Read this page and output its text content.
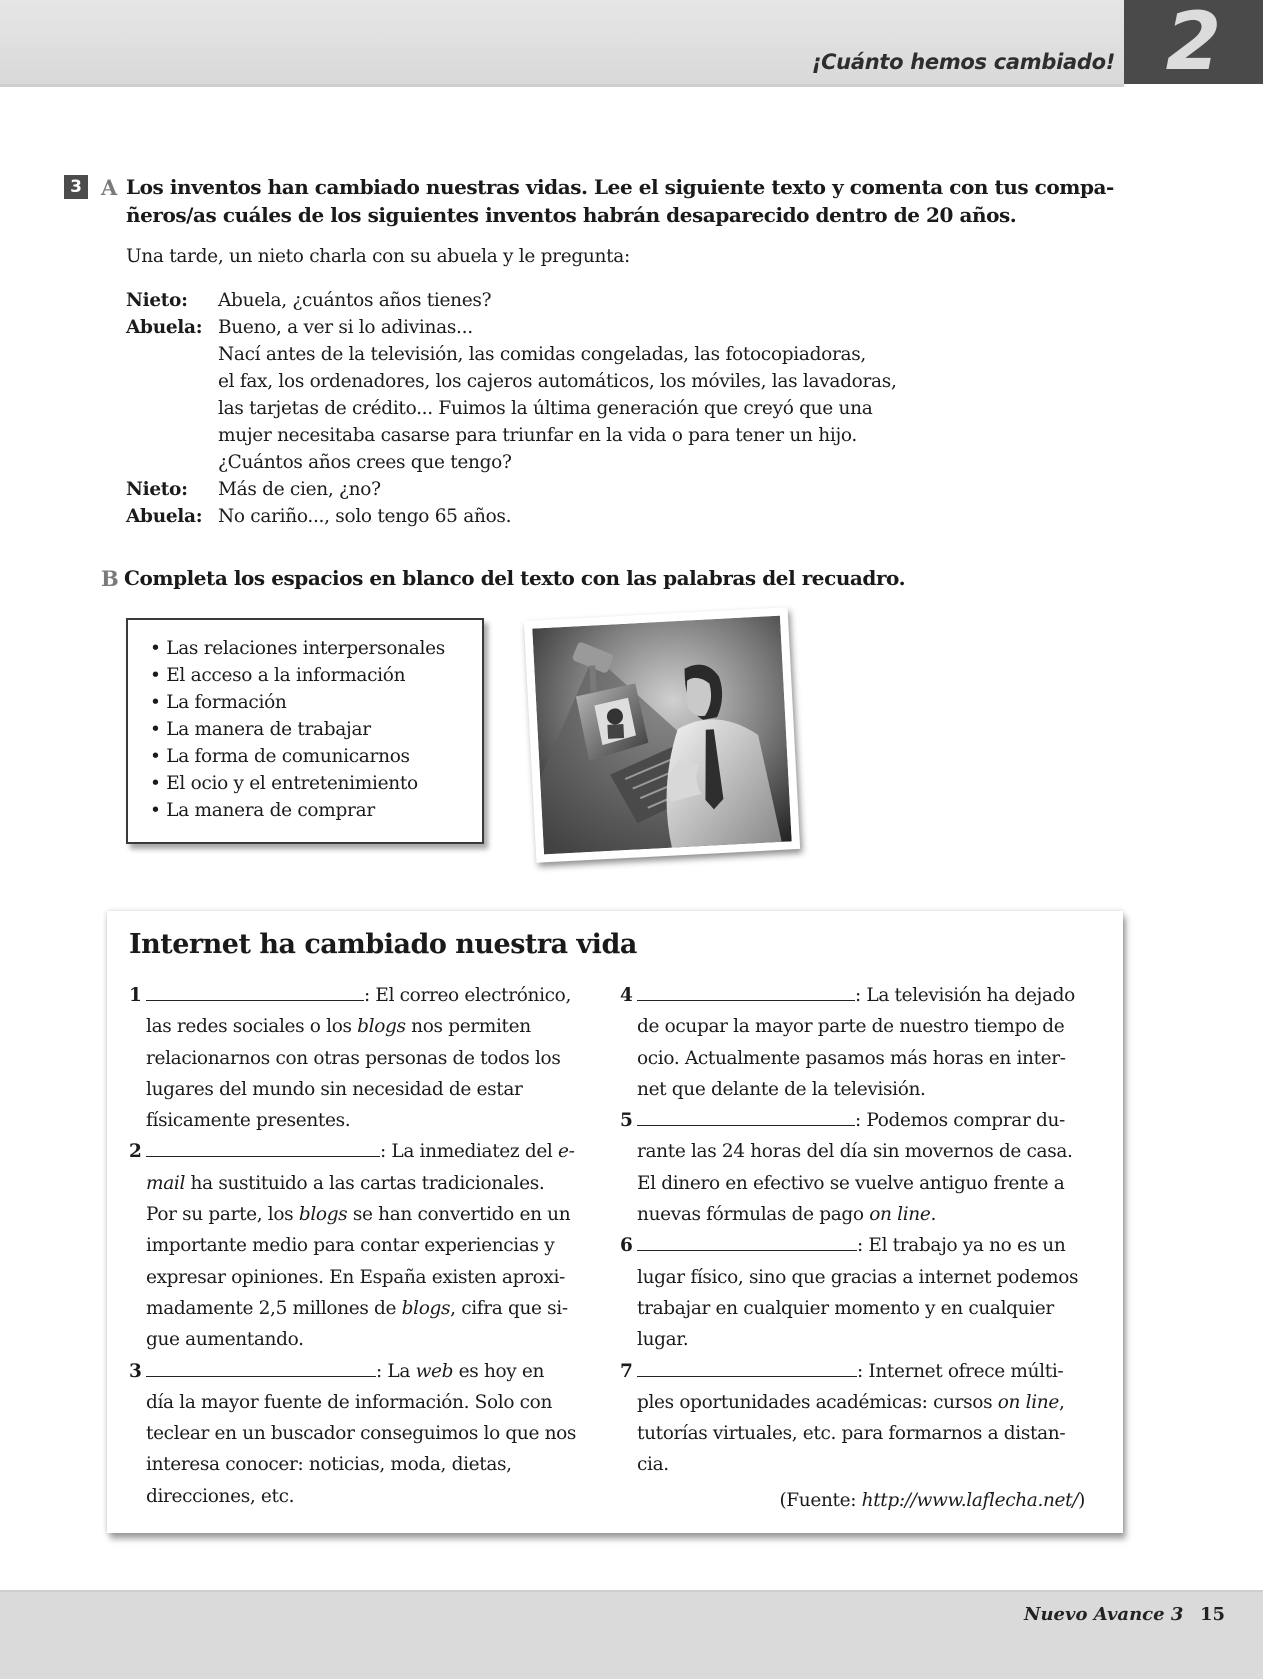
¡Cuánto hemos cambiado! 2
3 A Los inventos han cambiado nuestras vidas. Lee el siguiente texto y comenta con tus compa-
ñeros/as cuáles de los siguientes inventos habrán desaparecido dentro de 20 años.
Una tarde, un nieto charla con su abuela y le pregunta:
Nieto:	Abuela, ¿cuántos años tienes?
Abuela: Bueno, a ver si lo adivinas...
Nací antes de la televisión, las comidas congeladas, las fotocopiadoras,
el fax, los ordenadores, los cajeros automáticos, los móviles, las lavadoras,
las tarjetas de crédito... Fuimos la última generación que creyó que una
mujer necesitaba casarse para triunfar en la vida o para tener un hijo.
¿Cuántos años crees que tengo?
Nieto:	Más de cien, ¿no?
Abuela: No cariño..., solo tengo 65 años.
B Completa los espacios en blanco del texto con las palabras del recuadro.
• Las relaciones interpersonales
• El acceso a la información
• La formación
• La manera de trabajar
• La forma de comunicarnos
• El ocio y el entretenimiento
• La manera de comprar
Internet ha cambiado nuestra vida
1	: El correo electrónico, las redes sociales o los blogs nos permiten relacionarnos con otras personas de todos los lugares del mundo sin necesidad de estar físicamente presentes.
2	: La inmediatez del e-mail ha sustituido a las cartas tradicionales. Por su parte, los blogs se han convertido en un importante medio para contar experiencias y expresar opiniones. En España existen aproxi-madamente 2,5 millones de blogs, cifra que si-gue aumentando.
3	: La web es hoy en día la mayor fuente de información. Solo con teclear en un buscador conseguimos lo que nos interesa conocer: noticias, moda, dietas, direcciones, etc.
4	: La televisión ha dejado de ocupar la mayor parte de nuestro tiempo de ocio. Actualmente pasamos más horas en inter-net que delante de la televisión.
5	: Podemos comprar du- rante las 24 horas del día sin movernos de casa. El dinero en efectivo se vuelve antiguo frente a nuevas fórmulas de pago on line.
6	: El trabajo ya no es un lugar físico, sino que gracias a internet podemos trabajar en cualquier momento y en cualquier lugar.
7	: Internet ofrece múlti- ples oportunidades académicas: cursos on line, tutorías virtuales, etc. para formarnos a distan-cia.
(Fuente: http://www.laflecha.net/)
Nuevo Avance 3 15
